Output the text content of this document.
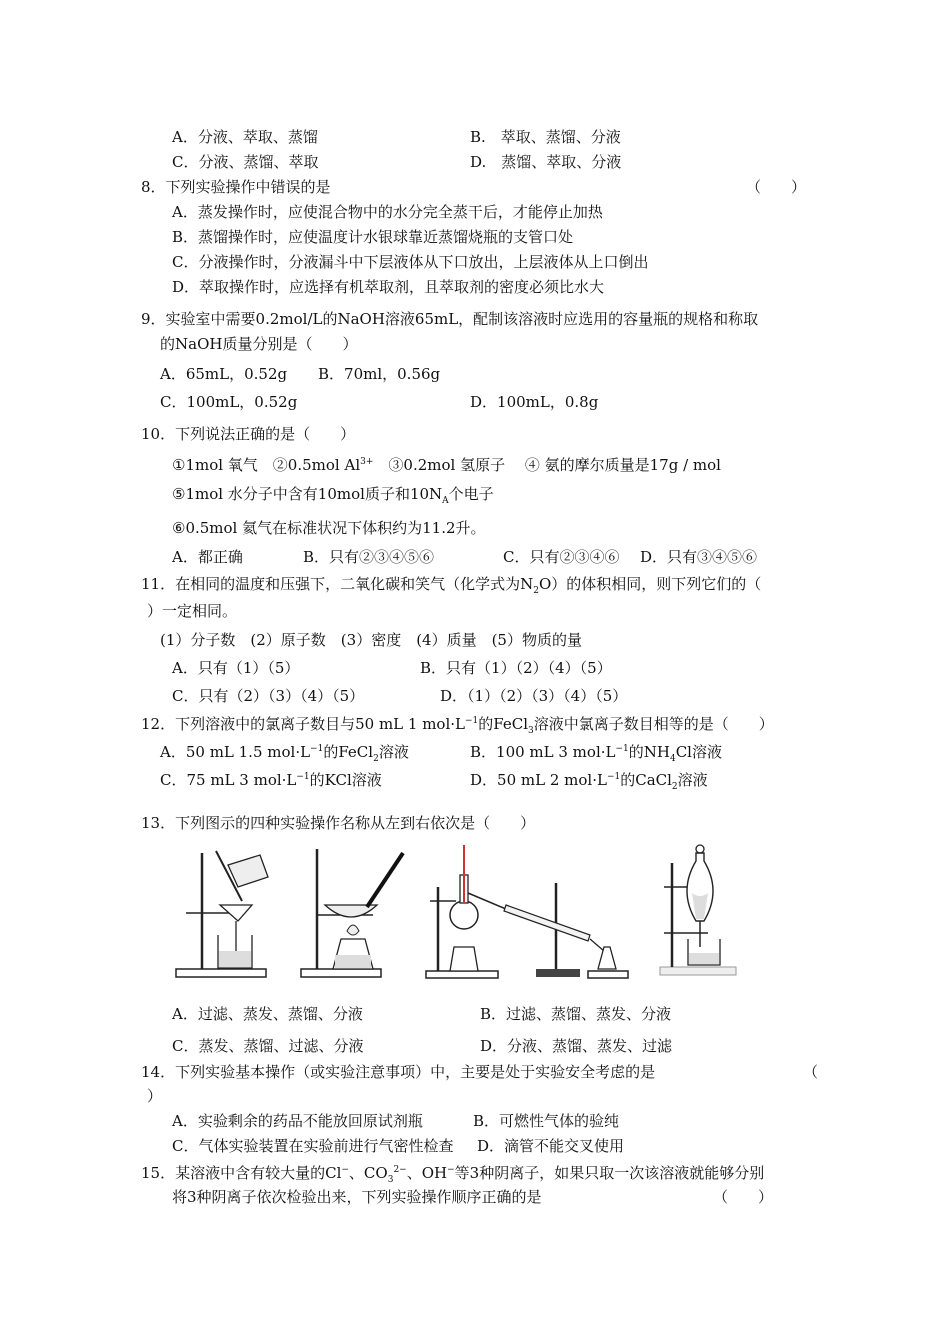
A．分液、萃取、蒸馏	B.　萃取、蒸馏、分液
C．分液、蒸馏、萃取	D.　蒸馏、萃取、分液
8．下列实验操作中错误的是	（　　）
A．蒸发操作时，应使混合物中的水分完全蒸干后，才能停止加热
B．蒸馏操作时，应使温度计水银球靠近蒸馏烧瓶的支管口处
C．分液操作时，分液漏斗中下层液体从下口放出，上层液体从上口倒出
D．萃取操作时，应选择有机萃取剂，且萃取剂的密度必须比水大
9．实验室中需要0.2mol/L的NaOH溶液65mL，配制该溶液时应选用的容量瓶的规格和称取
的NaOH质量分别是（　　）
A．65mL，0.52g B．70ml，0.56g
C．100mL，0.52g	D．100mL，0.8g
10．下列说法正确的是（　　）
①1mol 氧气　②0.5mol $Al^{3+}$　③0.2mol 氢原子　 ④ 氨的摩尔质量是17g / mol
⑤1mol 水分子中含有10mol质子和$10N_A$个电子
⑥0.5mol 氦气在标准状况下体积约为11.2升。
A．都正确	B．只有②③④⑤⑥	C．只有②③④⑥ D．只有③④⑤⑥
11．在相同的温度和压强下，二氧化碳和笑气（化学式为$N_2O$）的体积相同，则下列它们的（
）一定相同。
(1）分子数　(2）原子数　(3）密度　(4）质量　(5）物质的量
A．只有（1）（5）	B．只有（1）（2）（4）（5）
C．只有（2）（3）（4）（5）	D．（1）（2）（3）（4）（5）
12．下列溶液中的氯离子数目与50 mL 1 $mol\cdot L^{-1}$的FeCl$_3$溶液中氯离子数目相等的是（　　）
A．50 mL 1.5 $mol\cdot L^{-1}$的FeCl$_2$溶液	B．100 mL 3 $mol\cdot L^{-1}$的$NH_4Cl$溶液
C．75 mL 3 $mol\cdot L^{-1}$的KCl溶液	D．50 mL 2 $mol\cdot L^{-1}$的CaCl$_2$溶液
13．下列图示的四种实验操作名称从左到右依次是（　　）
A．过滤、蒸发、蒸馏、分液	B．过滤、蒸馏、蒸发、分液
C．蒸发、蒸馏、过滤、分液	D．分液、蒸馏、蒸发、过滤
14．下列实验基本操作（或实验注意事项）中，主要是处于实验安全考虑的是	（
）
A．实验剩余的药品不能放回原试剂瓶	B．可燃性气体的验纯
C．气体实验装置在实验前进行气密性检查 D．滴管不能交叉使用
15．某溶液中含有较大量的Cl−、$CO_3^{2-}$、OH−等3种阴离子，如果只取一次该溶液就能够分别
将3种阴离子依次检验出来，下列实验操作顺序正确的是	（　　）
